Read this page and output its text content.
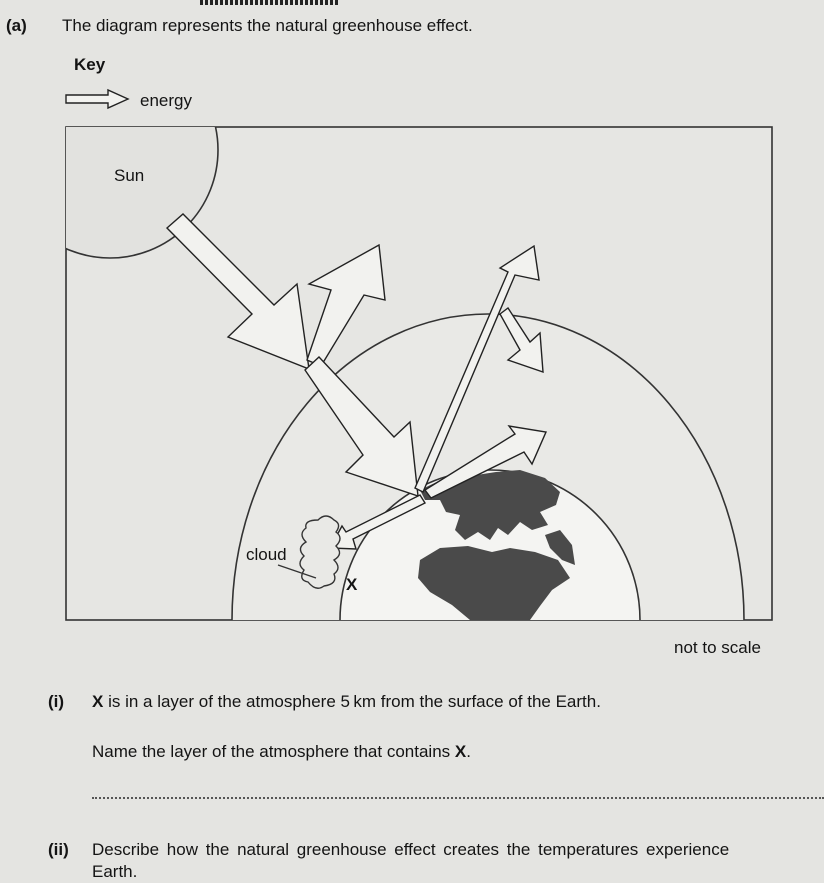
(a) The diagram represents the natural greenhouse effect.
Key
Sun
cloud
X
energy
not to scale
(i) X is in a layer of the atmosphere 5 km from the surface of the Earth.
Name the layer of the atmosphere that contains X.
(ii) Describe how the natural greenhouse effect creates the temperatures experience
Earth.
